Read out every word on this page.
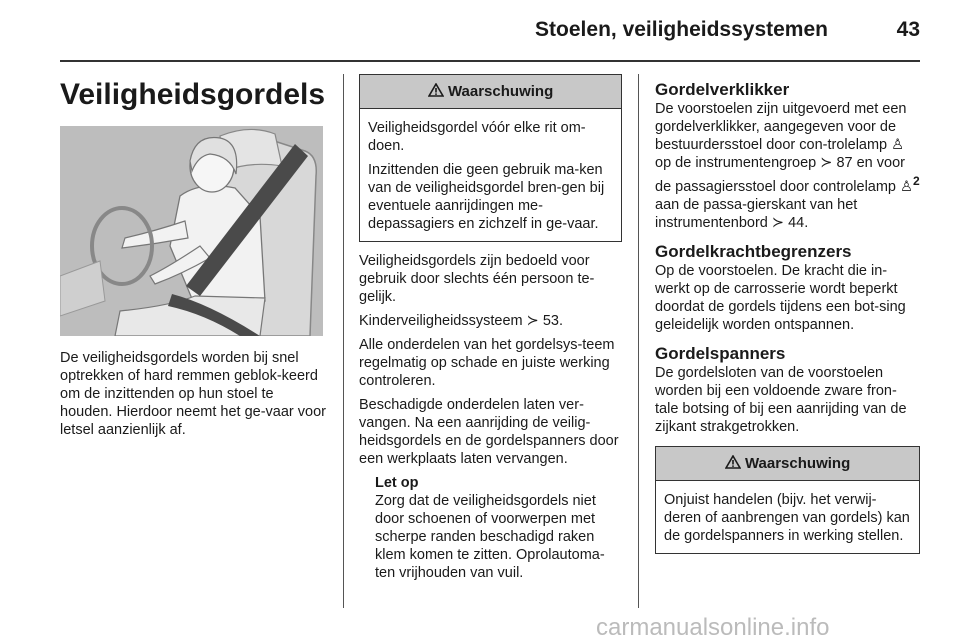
Stoelen, veiligheidssystemen	43
Veiligheidsgordels
De veiligheidsgordels worden bij snel optrekken of hard remmen geblok-keerd om de inzittenden op hun stoel te houden. Hierdoor neemt het ge-vaar voor letsel aanzienlijk af.
Waarschuwing

Veiligheidsgordel vóór elke rit om-doen.

Inzittenden die geen gebruik ma-ken van de veiligheidsgordel bren-gen bij eventuele aanrijdingen me-depassagiers en zichzelf in ge-vaar.

Veiligheidsgordels zijn bedoeld voor gebruik door slechts één persoon te-gelijk.

Kinderveiligheidssysteem ≻ 53.

Alle onderdelen van het gordelsys-teem regelmatig op schade en juiste werking controleren.

Beschadigde onderdelen laten ver-vangen. Na een aanrijding de veilig-heidsgordels en de gordelspanners door een werkplaats laten vervangen.

Let op
Zorg dat de veiligheidsgordels niet door schoenen of voorwerpen met scherpe randen beschadigd raken klem komen te zitten. Oprolautoma-ten vrijhouden van vuil.
Gordelverklikker

De voorstoelen zijn uitgevoerd met een gordelverklikker, aangegeven voor de bestuurdersstoel door con-trolelamp ♙ op de instrumentengroep ≻ 87 en voor de passagiersstoel door controlelamp ♙$^2$ aan de passa-gierskant van het instrumentenbord ≻ 44.

Gordelkrachtbegrenzers

Op de voorstoelen. De kracht die in-werkt op de carrosserie wordt beperkt doordat de gordels tijdens een bot-sing geleidelijk worden ontspannen.

Gordelspanners

De gordelsloten van de voorstoelen worden bij een voldoende zware fron-tale botsing of bij een aanrijding van de zijkant strakgetrokken.

Waarschuwing

Onjuist handelen (bijv. het verwij-deren of aanbrengen van gordels) kan de gordelspanners in werking stellen.

carmanualsonline.info
